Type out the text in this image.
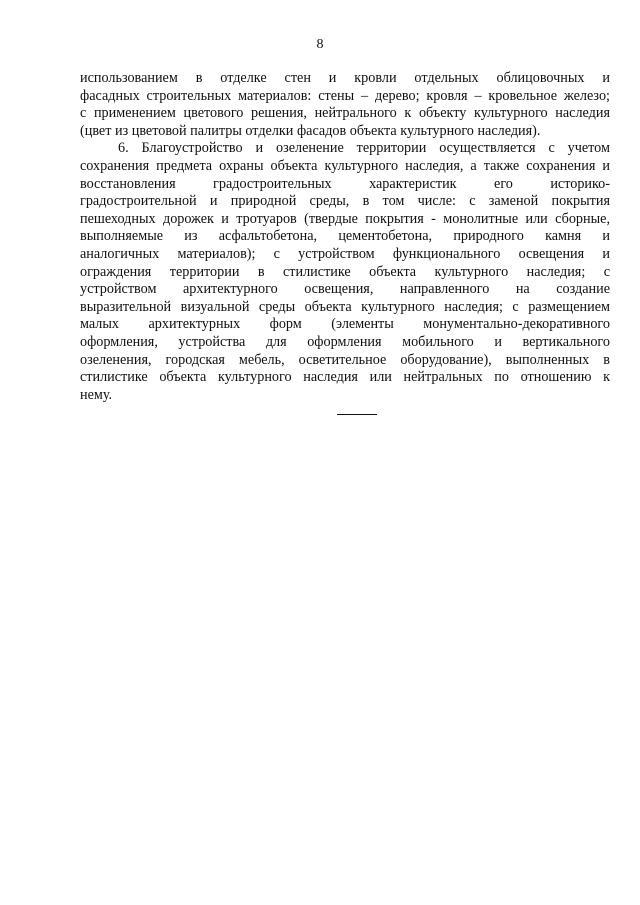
8
использованием в отделке стен и кровли отдельных облицовочных и
фасадных строительных материалов: стены – дерево; кровля – кровельное железо;
с применением цветового решения, нейтрального к объекту культурного наследия
(цвет из цветовой палитры отделки фасадов объекта культурного наследия).
6. Благоустройство и озеленение территории осуществляется с учетом
сохранения предмета охраны объекта культурного наследия, а также сохранения и
восстановления градостроительных характеристик его историко-
градостроительной и природной среды, в том числе: с заменой покрытия
пешеходных дорожек и тротуаров (твердые покрытия - монолитные или сборные,
выполняемые из асфальтобетона, цементобетона, природного камня и
аналогичных материалов); с устройством функционального освещения и
ограждения территории в стилистике объекта культурного наследия; с
устройством архитектурного освещения, направленного на создание
выразительной визуальной среды объекта культурного наследия; с размещением
малых архитектурных форм (элементы монументально-декоративного
оформления, устройства для оформления мобильного и вертикального
озеленения, городская мебель, осветительное оборудование), выполненных в
стилистике объекта культурного наследия или нейтральных по отношению к
нему.
